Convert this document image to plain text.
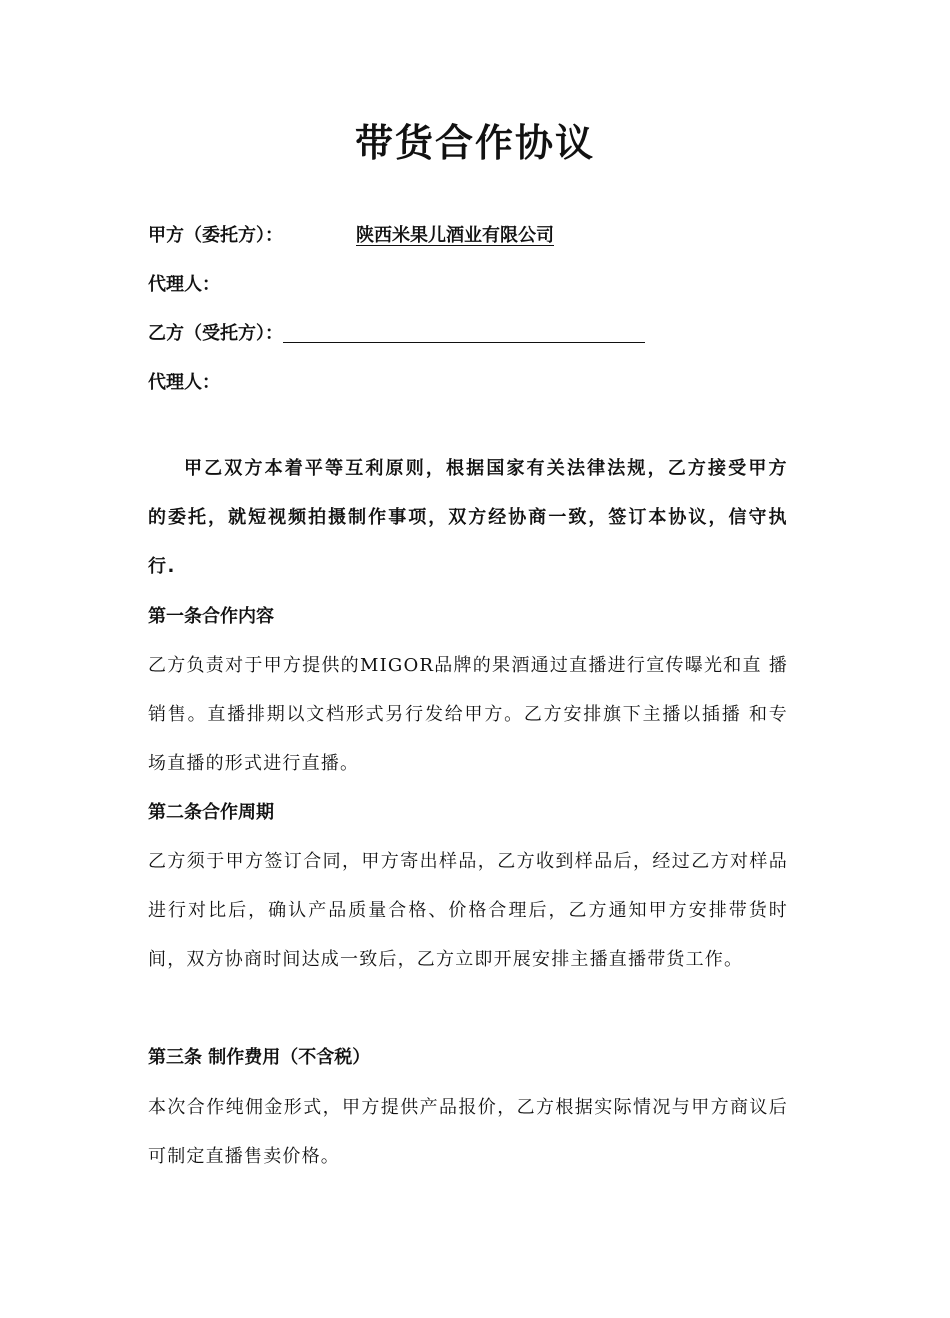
带货合作协议
甲方（委托方）：	陕西米果儿酒业有限公司
代理人：
乙方（受托方）：
代理人：
甲乙双方本着平等互利原则，根据国家有关法律法规，乙方接受甲方的委托，就短视频拍摄制作事项，双方经协商一致，签订本协议，信守执行.
第一条合作内容
乙方负责对于甲方提供的MIGOR品牌的果酒通过直播进行宣传曝光和直 播销售。直播排期以文档形式另行发给甲方。乙方安排旗下主播以插播 和专场直播的形式进行直播。
第二条合作周期
乙方须于甲方签订合同，甲方寄出样品，乙方收到样品后，经过乙方对样品进行对比后，确认产品质量合格、价格合理后，乙方通知甲方安排带货时间，双方协商时间达成一致后，乙方立即开展安排主播直播带货工作。
第三条 制作费用（不含税）
本次合作纯佣金形式，甲方提供产品报价，乙方根据实际情况与甲方商议后可制定直播售卖价格。
